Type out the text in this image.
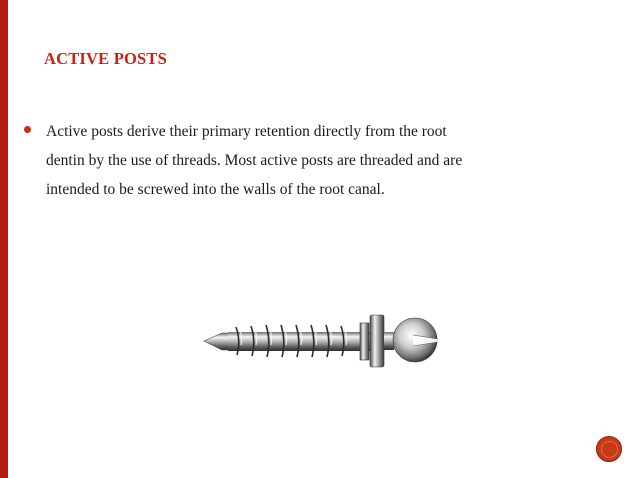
ACTIVE POSTS
Active posts derive their primary retention directly from the root
dentin by the use of threads. Most active posts are threaded and are
intended to be screwed into the walls of the root canal.
